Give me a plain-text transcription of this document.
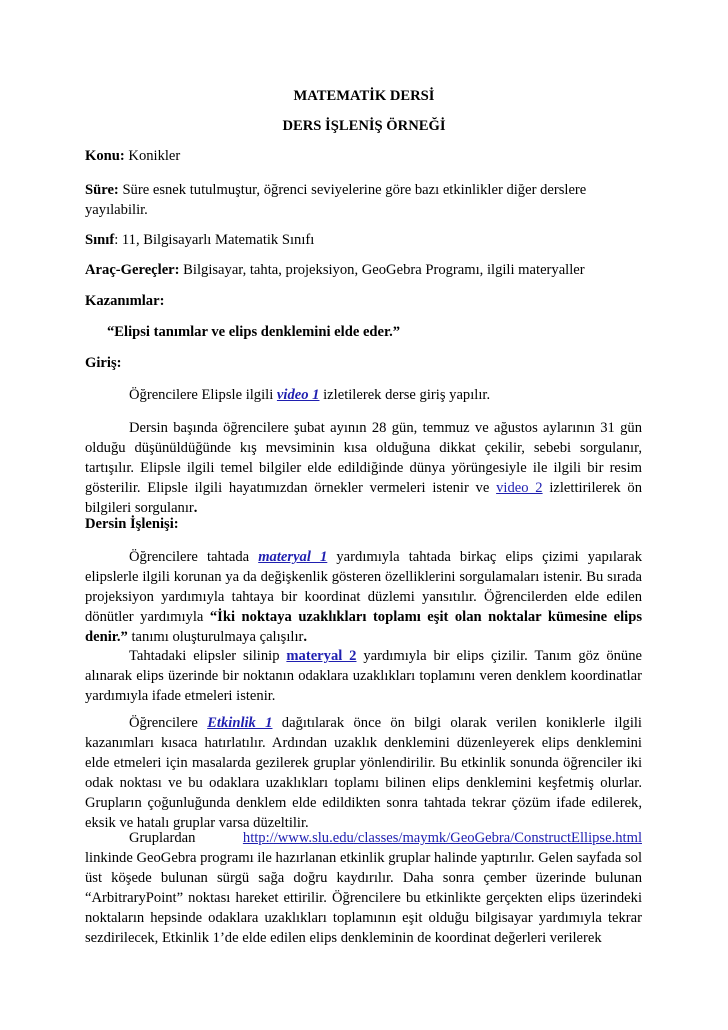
MATEMATİK DERSİ
DERS İŞLENİŞ ÖRNEĞİ

Konu: Konikler

Süre: Süre esnek tutulmuştur, öğrenci seviyelerine göre bazı etkinlikler diğer derslere yayılabilir.

Sınıf: 11, Bilgisayarlı Matematik Sınıfı

Araç-Gereçler: Bilgisayar, tahta, projeksiyon, GeoGebra Programı, ilgili materyaller

Kazanımlar:

“Elipsi tanımlar ve elips denklemini elde eder.”

Giriş:

Öğrencilere Elipsle ilgili video 1 izletilerek derse giriş yapılır.

Dersin başında öğrencilere şubat ayının 28 gün, temmuz ve ağustos aylarının 31 gün olduğu düşünüldüğünde kış mevsiminin kısa olduğuna dikkat çekilir, sebebi sorgulanır, tartışılır. Elipsle ilgili temel bilgiler elde edildiğinde dünya yörüngesiyle ile ilgili bir resim gösterilir. Elipsle ilgili hayatımızdan örnekler vermeleri istenir ve video 2 izlettirilerek ön bilgileri sorgulanır.

Dersin İşlenişi:

Öğrencilere tahtada materyal 1 yardımıyla tahtada birkaç elips çizimi yapılarak elipslerle ilgili korunan ya da değişkenlik gösteren özelliklerini sorgulamaları istenir. Bu sırada projeksiyon yardımıyla tahtaya bir koordinat düzlemi yansıtılır. Öğrencilerden elde edilen dönütler yardımıyla “İki noktaya uzaklıkları toplamı eşit olan noktalar kümesine elips denir.” tanımı oluşturulmaya çalışılır.

Tahtadaki elipsler silinip materyal 2 yardımıyla bir elips çizilir. Tanım göz önüne alınarak elips üzerinde bir noktanın odaklara uzaklıkları toplamını veren denklem koordinatlar yardımıyla ifade etmeleri istenir.

Öğrencilere Etkinlik 1 dağıtılarak önce ön bilgi olarak verilen koniklerle ilgili kazanımları kısaca hatırlatılır. Ardından uzaklık denklemini düzenleyerek elips denklemini elde etmeleri için masalarda gezilerek gruplar yönlendirilir. Bu etkinlik sonunda öğrenciler iki odak noktası ve bu odaklara uzaklıkları toplamı bilinen elips denklemini keşfetmiş olurlar. Grupların çoğunluğunda denklem elde edildikten sonra tahtada tekrar çözüm ifade edilerek, eksik ve hatalı gruplar varsa düzeltilir.

Gruplardan	http://www.slu.edu/classes/maymk/GeoGebra/ConstructEllipse.html

linkinde GeoGebra programı ile hazırlanan etkinlik gruplar halinde yaptırılır. Gelen sayfada sol üst köşede bulunan sürgü sağa doğru kaydırılır. Daha sonra çember üzerinde bulunan “ArbitraryPoint” noktası hareket ettirilir. Öğrencilere bu etkinlikte gerçekten elips üzerindeki noktaların hepsinde odaklara uzaklıkları toplamının eşit olduğu bilgisayar yardımıyla tekrar sezdirilecek, Etkinlik 1’de elde edilen elips denkleminin de koordinat değerleri verilerek
